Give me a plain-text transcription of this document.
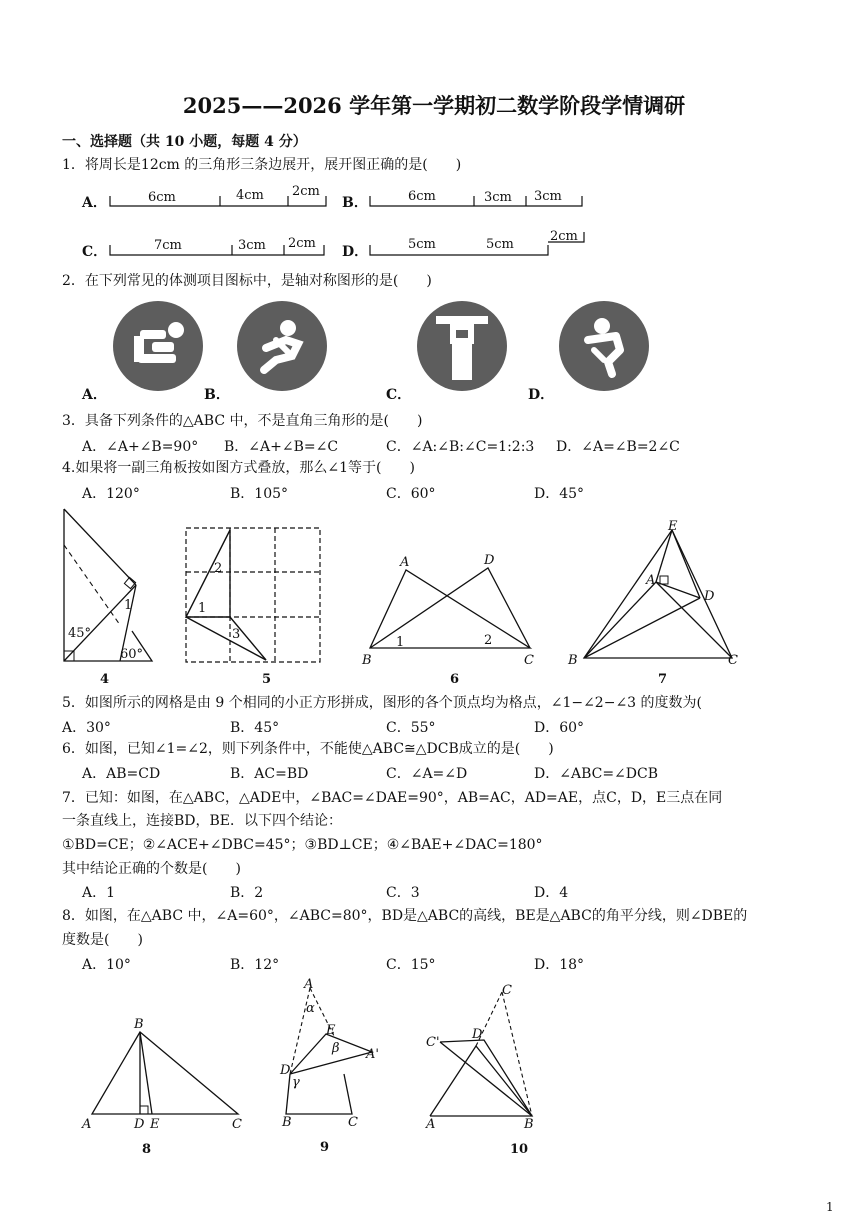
2025——2026 学年第一学期初二数学阶段学情调研
一、选择题（共 10 小题，每题 4 分）
1．将周长是12cm 的三角形三条边展开，展开图正确的是(　　)
A．	6cm	4cm 2cm
B．	6cm	3cm 3cm
C．	7cm	3cm 2cm
D．	5cm	5cm
2cm
2．在下列常见的体测项目图标中，是轴对称图形的是(　　)
A．	B．	C．	D．
3．具备下列条件的△ABC 中，不是直角三角形的是(　　)
A．∠A+∠B=90° B．∠A+∠B=∠C	C．∠A:∠B:∠C=1:2:3 D．∠A=∠B=2∠C
4.如果将一副三角板按如图方式叠放，那么∠1等于(　　)
A．120°	B．105°	C．60°	D．45°
45°
60°
1
2
1
3
A	D
B	C
1	2
E
A
D
B	C
4	5	6	7
5．如图所示的网格是由 9 个相同的小正方形拼成，图形的各个顶点均为格点，∠1−∠2−∠3 的度数为(
A．30°	B．45°	C．55°	D．60°
6．如图，已知∠1=∠2，则下列条件中，不能使△ABC≅△DCB成立的是(　　)
A．AB=CD	B．AC=BD	C．∠A=∠D	D．∠ABC=∠DCB
7．已知：如图，在△ABC，△ADE中，∠BAC=∠DAE=90°，AB=AC，AD=AE，点C，D，E三点在同
一条直线上，连接BD，BE．以下四个结论：
①BD=CE；②∠ACE+∠DBC=45°；③BD⊥CE；④∠BAE+∠DAC=180°
其中结论正确的个数是(　　)
A．1	B．2	C．3	D．4
8．如图，在△ABC 中，∠A=60°，∠ABC=80°，BD是△ABC的高线，BE是△ABC的角平分线，则∠DBE的
度数是(　　)
A．10°	B．12°	C．15°	D．18°
B
A	D E	C
A
α
E
β A'
D
γ
B	C
C
C'
D
A	B
8	9	10
1
